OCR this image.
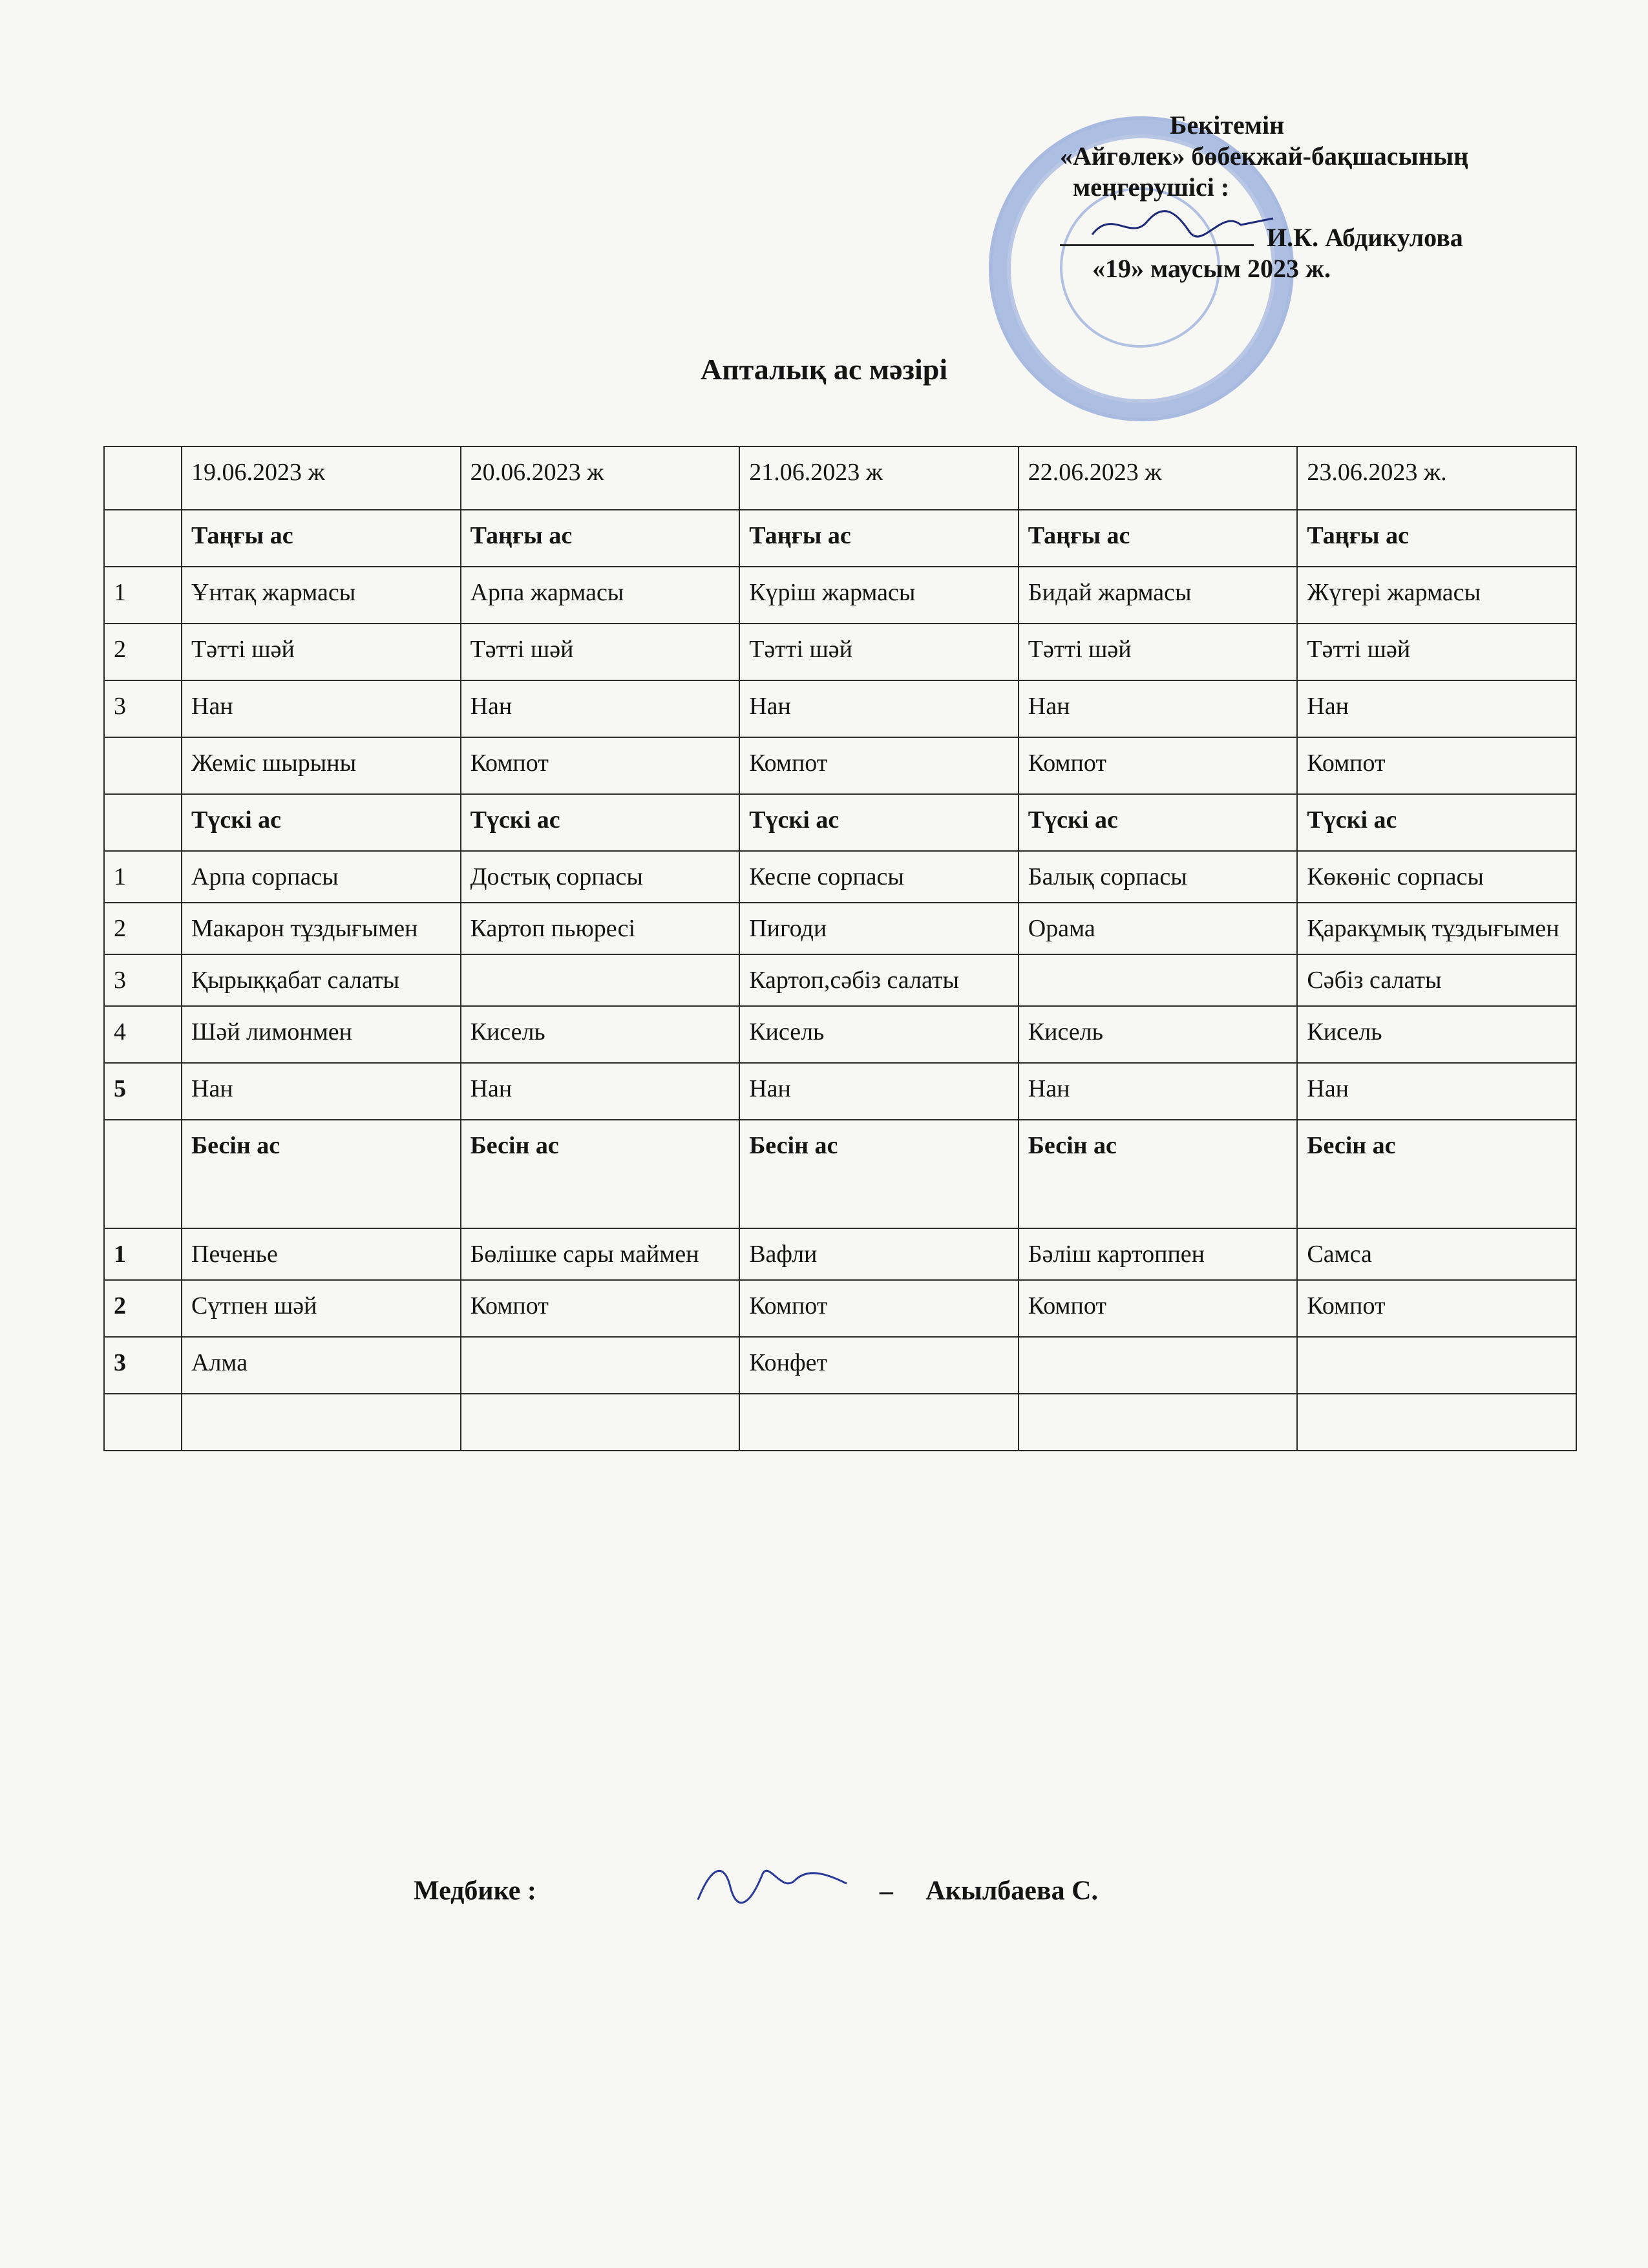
Бекітемін
«Айгөлек» бөбекжай-бақшасының
меңгерушісі :
И.К. Абдикулова
«19» маусым 2023 ж.
Апталық ас мәзірі
	19.06.2023 ж	20.06.2023 ж	21.06.2023 ж	22.06.2023 ж	23.06.2023 ж.
	Таңғы ас	Таңғы ас	Таңғы ас	Таңғы ас	Таңғы ас
1	Ұнтақ жармасы	Арпа жармасы	Күріш жармасы	Бидай жармасы	Жүгері жармасы
2	Тәтті шәй	Тәтті шәй	Тәтті шәй	Тәтті шәй	Тәтті шәй
3	Нан	Нан	Нан	Нан	Нан
	Жеміс шырыны	Компот	Компот	Компот	Компот
	Түскі ас	Түскі ас	Түскі ас	Түскі ас	Түскі ас
1	Арпа сорпасы	Достық сорпасы	Кеспе сорпасы	Балық сорпасы	Көкөніс сорпасы
2	Макарон тұздығымен	Картоп пьюресі	Пигоди	Орама	Қаракұмық тұздығымен
3	Қырыққабат салаты		Картоп,сәбіз салаты		Сәбіз салаты
4	Шәй лимонмен	Кисель	Кисель	Кисель	Кисель
5	Нан	Нан	Нан	Нан	Нан
	Бесін ас	Бесін ас	Бесін ас	Бесін ас	Бесін ас
1	Печенье	Бөлішке сары маймен	Вафли	Бәліш картоппен	Самса
2	Сүтпен шәй	Компот	Компот	Компот	Компот
3	Алма		Конфет		

Медбике :	– Акылбаева С.
